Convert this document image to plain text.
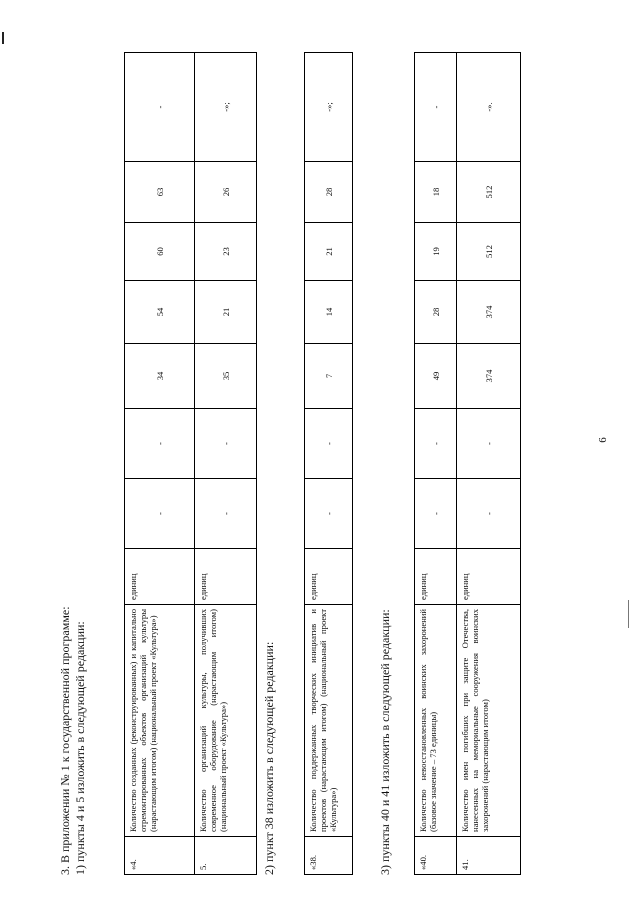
6
3. В приложении № 1 к государственной программе: 1) пункты 4 и 5 изложить в следующей редакции:	«4.	Количество созданных (реконструированных) и капитально отремонтированных объектов организаций культуры (нарастающим итогом) (национальный проект «Культура»)	единиц	-	-	34	54	60	63	-
5.	Количество организаций культуры, получивших современное оборудование (нарастающим итогом) (национальный проект «Культура»)	единиц	-	-	35	21	23	26	-»;
2) пункт 38 изложить в следующей редакции:	«38.	Количество поддержанных творческих инициатив и проектов (нарастающим итогом) (национальный проект «Культура»)	единиц	-	-	7	14	21	28	-»;
3) пункты 40 и 41 изложить в следующей редакции:	«40.	Количество невосстановленных воинских захоронений (базовое значение – 73 единицы)	единиц	-	-	49	28	19	18	-
41.	Количество имен погибших при защите Отечества, нанесенных на мемориальные сооружения воинских захоронений (нарастающим итогом)	единиц	-	-	374	374	512	512	-».
